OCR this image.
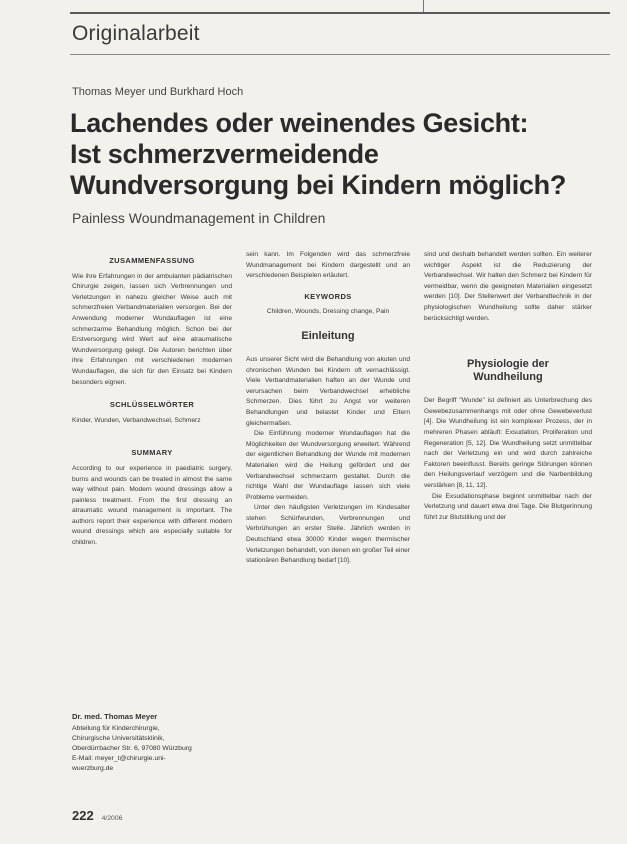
Originalarbeit
Thomas Meyer und Burkhard Hoch
Lachendes oder weinendes Gesicht:
Ist schmerzvermeidende
Wundversorgung bei Kindern möglich?
Painless Woundmanagement in Children
ZUSAMMENFASSUNG

Wie ihre Erfahrungen in der ambulanten pädiatrischen Chirurgie zeigen, lassen sich Verbrennungen und Verletzungen in nahezu gleicher Weise auch mit schmerzfreien Verbandmaterialien versorgen. Bei der Anwendung moderner Wundauflagen ist eine schmerzarme Behandlung möglich. Schon bei der Erstversorgung wird Wert auf eine atraumatische Wundversorgung gelegt. Die Autoren berichten über ihre Erfahrungen mit verschiedenen modernen Wundauflagen, die sich für den Einsatz bei Kindern besonders eignen.

SCHLÜSSELWÖRTER

Kinder, Wunden, Verbandwechsel, Schmerz

SUMMARY

According to our experience in paediatric surgery, burns and wounds can be treated in almost the same way without pain. Modern wound dressings allow a painless treatment. From the first dressing an atraumatic wound management is important. The authors report their experience with different modern wound dressings which are especially suitable for children.

Dr. med. Thomas Meyer
Abteilung für Kinderchirurgie,
Chirurgische Universitätsklinik,
Oberdürrbacher Str. 6, 97080 Würzburg
E-Mail: meyer_t@chirurgie.uni-
wuerzburg.de

sein kann. Im Folgenden wird das schmerzfreie Wundmanagement bei Kindern dargestellt und an verschiedenen Beispielen erläutert.

KEYWORDS

Children, Wounds, Dressing change, Pain

Einleitung

Aus unserer Sicht wird die Behandlung von akuten und chronischen Wunden bei Kindern oft vernachlässigt. Viele Verbandmaterialien haften an der Wunde und verursachen beim Verbandwechsel erhebliche Schmerzen. Dies führt zu Angst vor weiteren Behandlungen und belastet Kinder und Eltern gleichermaßen.

Die Einführung moderner Wundauflagen hat die Möglichkeiten der Wundversorgung erweitert. Während der eigentlichen Behandlung der Wunde mit modernen Materialien wird die Heilung gefördert und der Verbandwechsel schmerzarm gestaltet. Durch die richtige Wahl der Wundauflage lassen sich viele Probleme vermeiden.

Unter den häufigsten Verletzungen im Kindesalter stehen Schürfwunden, Verbrennungen und Verbrühungen an erster Stelle. Jährlich werden in Deutschland etwa 30000 Kinder wegen thermischer Verletzungen behandelt, von denen ein großer Teil einer stationären Behandlung bedarf [10].

sind und deshalb behandelt werden sollten. Ein weiterer wichtiger Aspekt ist die Reduzierung der Verbandwechsel. Wir halten den Schmerz bei Kindern für vermeidbar, wenn die geeigneten Materialien eingesetzt werden [10]. Der Stellenwert der Verbandtechnik in der physiologischen Wundheilung sollte daher stärker berücksichtigt werden.

Physiologie der
Wundheilung

Der Begriff "Wunde" ist definiert als Unterbrechung des Gewebezusammenhangs mit oder ohne Gewebeverlust [4]. Die Wundheilung ist ein komplexer Prozess, der in mehreren Phasen abläuft: Exsudation, Proliferation und Regeneration [5, 12]. Die Wundheilung setzt unmittelbar nach der Verletzung ein und wird durch zahlreiche Faktoren beeinflusst. Bereits geringe Störungen können den Heilungsverlauf verzögern und die Narbenbildung verstärken [8, 11, 12].

Die Exsudationsphase beginnt unmittelbar nach der Verletzung und dauert etwa drei Tage. Die Blutgerinnung führt zur Blutstillung und der

222 4/2006
